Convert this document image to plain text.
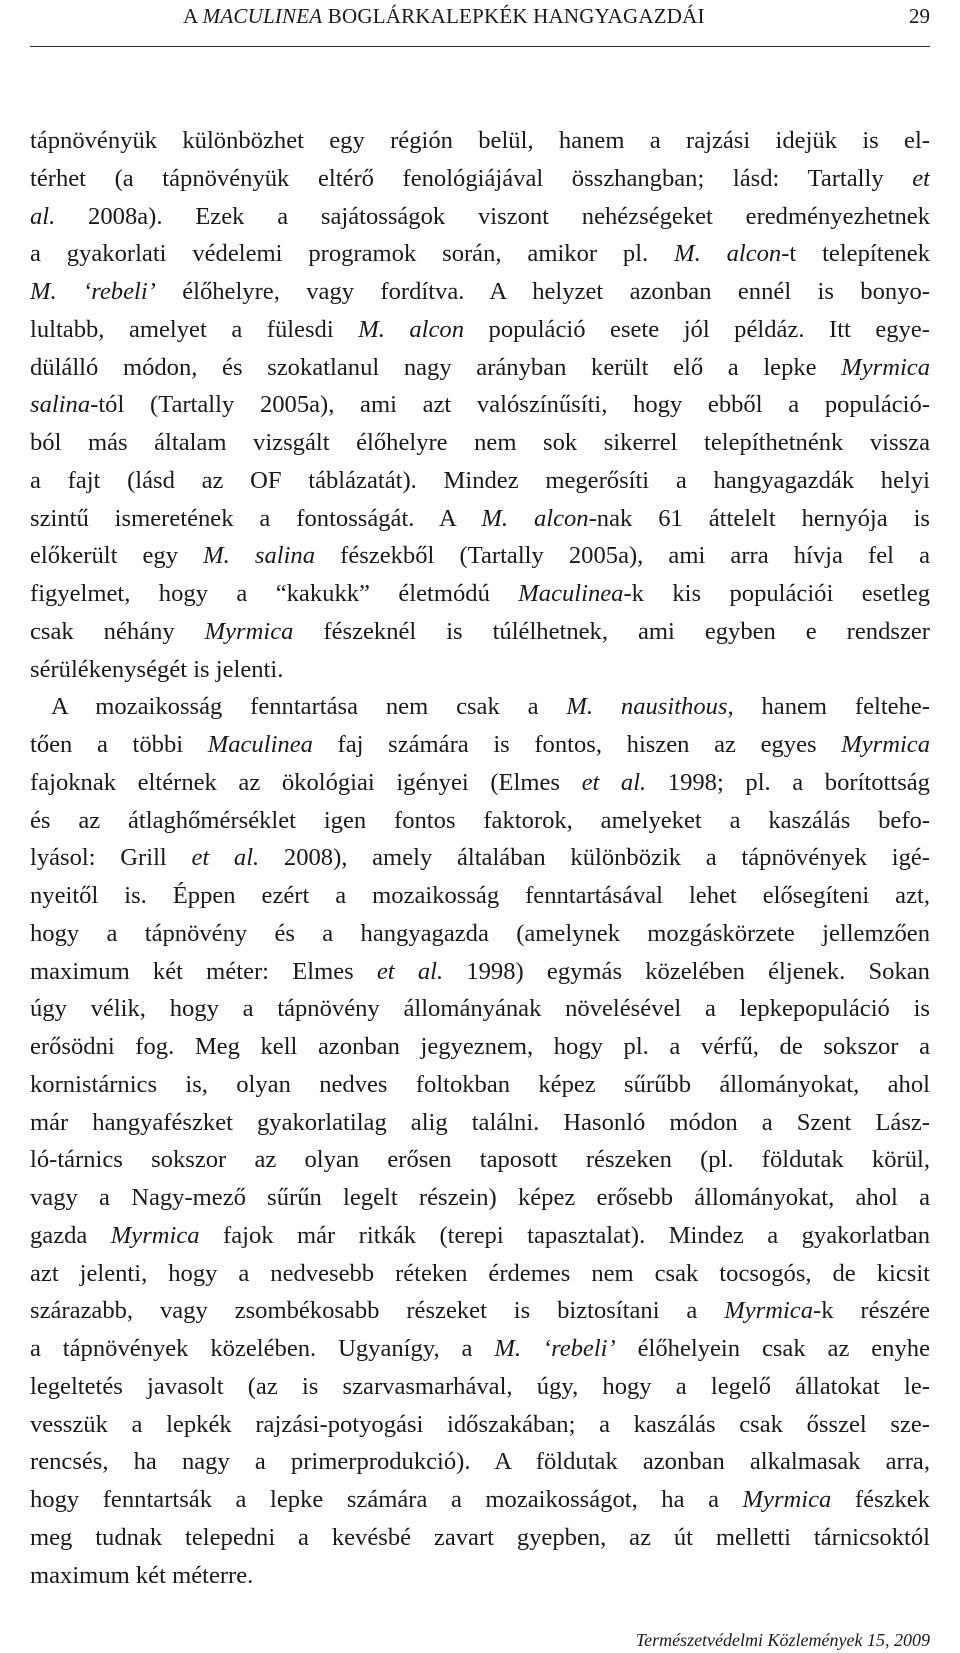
A MACULINEA BOGLÁRKALEPKÉK HANGYAGAZDÁI	29
tápnövényük különbözhet egy régión belül, hanem a rajzási idejük is el-
térhet (a tápnövényük eltérő fenológiájával összhangban; lásd: Tartally et
al. 2008a). Ezek a sajátosságok viszont nehézségeket eredményezhetnek
a gyakorlati védelemi programok során, amikor pl. M. alcon-t telepítenek
M. ‘rebeli’ élőhelyre, vagy fordítva. A helyzet azonban ennél is bonyo-
lultabb, amelyet a fülesdi M. alcon populáció esete jól példáz. Itt egye-
dülálló módon, és szokatlanul nagy arányban került elő a lepke Myrmica
salina-tól (Tartally 2005a), ami azt valószínűsíti, hogy ebből a populáció-
ból más általam vizsgált élőhelyre nem sok sikerrel telepíthetnénk vissza
a fajt (lásd az OF táblázatát). Mindez megerősíti a hangyagazdák helyi
szintű ismeretének a fontosságát. A M. alcon-nak 61 áttelelt hernyója is
előkerült egy M. salina fészekből (Tartally 2005a), ami arra hívja fel a
figyelmet, hogy a “kakukk” életmódú Maculinea-k kis populációi esetleg
csak néhány Myrmica fészeknél is túlélhetnek, ami egyben e rendszer
sérülékenységét is jelenti.
A mozaikosság fenntartása nem csak a M. nausithous, hanem feltehe-
tően a többi Maculinea faj számára is fontos, hiszen az egyes Myrmica
fajoknak eltérnek az ökológiai igényei (Elmes et al. 1998; pl. a borítottság
és az átlaghőmérséklet igen fontos faktorok, amelyeket a kaszálás befo-
lyásol: Grill et al. 2008), amely általában különbözik a tápnövények igé-
nyeitől is. Éppen ezért a mozaikosság fenntartásával lehet elősegíteni azt,
hogy a tápnövény és a hangyagazda (amelynek mozgáskörzete jellemzően
maximum két méter: Elmes et al. 1998) egymás közelében éljenek. Sokan
úgy vélik, hogy a tápnövény állományának növelésével a lepkepopuláció is
erősödni fog. Meg kell azonban jegyeznem, hogy pl. a vérfű, de sokszor a
kornistárnics is, olyan nedves foltokban képez sűrűbb állományokat, ahol
már hangyafészket gyakorlatilag alig találni. Hasonló módon a Szent Lász-
ló-tárnics sokszor az olyan erősen taposott részeken (pl. földutak körül,
vagy a Nagy-mező sűrűn legelt részein) képez erősebb állományokat, ahol a
gazda Myrmica fajok már ritkák (terepi tapasztalat). Mindez a gyakorlatban
azt jelenti, hogy a nedvesebb réteken érdemes nem csak tocsogós, de kicsit
szárazabb, vagy zsombékosabb részeket is biztosítani a Myrmica-k részére
a tápnövények közelében. Ugyanígy, a M. ‘rebeli’ élőhelyein csak az enyhe
legeltetés javasolt (az is szarvasmarhával, úgy, hogy a legelő állatokat le-
vesszük a lepkék rajzási-potyogási időszakában; a kaszálás csak ősszel sze-
rencsés, ha nagy a primerprodukció). A földutak azonban alkalmasak arra,
hogy fenntartsák a lepke számára a mozaikosságot, ha a Myrmica fészkek
meg tudnak telepedni a kevésbé zavart gyepben, az út melletti tárnicsoktól
maximum két méterre.
Természetvédelmi Közlemények 15, 2009
